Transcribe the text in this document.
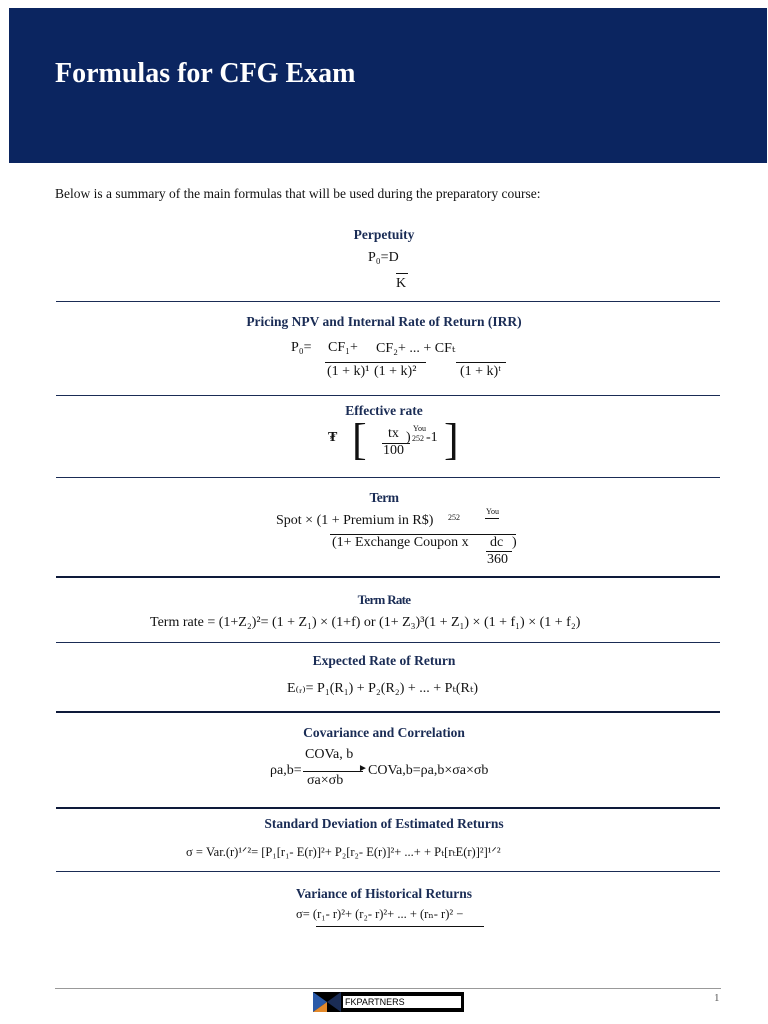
Formulas for CFG Exam
Below is a summary of the main formulas that will be used during the preparatory course:
Perpetuity
P₀=D
K
Pricing NPV and Internal Rate of Return (IRR)
P₀= CF₁+ CF₂+ ... + CFₜ
(1 + k)¹ (1 + k)²	(1 + k)ᵗ
Effective rate
₮ [ tx
100
You
) 252 -1 ]
Term
You
Spot × (1 + Premium in R$) 252
(1+ Exchange Coupon x dc )
360
Term Rate
Term rate = (1+Z₂)²= (1 + Z₁) × (1+f) or (1+ Z₃)³(1 + Z₁) × (1 + f₁) × (1 + f₂)
Expected Rate of Return
E₍ᵣ₎= P₁(R₁) + P₂(R₂) + ... + Pₜ(Rₜ)
Covariance and Correlation
ρa,b=
COVa, b
►
σa×σb
COVa,b=ρa,b×σa×σb
Standard Deviation of Estimated Returns
σ = Var.(r)¹ᐟ²= [P₁[r₁- E(r)]²+ P₂[r₂- E(r)]²+ ...+ + Pₜ[rₜE(r)]²]¹ᐟ²
Variance of Historical Returns
σ= (r₁- r)²+ (r₂- r)²+ ... + (rₙ- r)² −
FKPARTNERS	1
